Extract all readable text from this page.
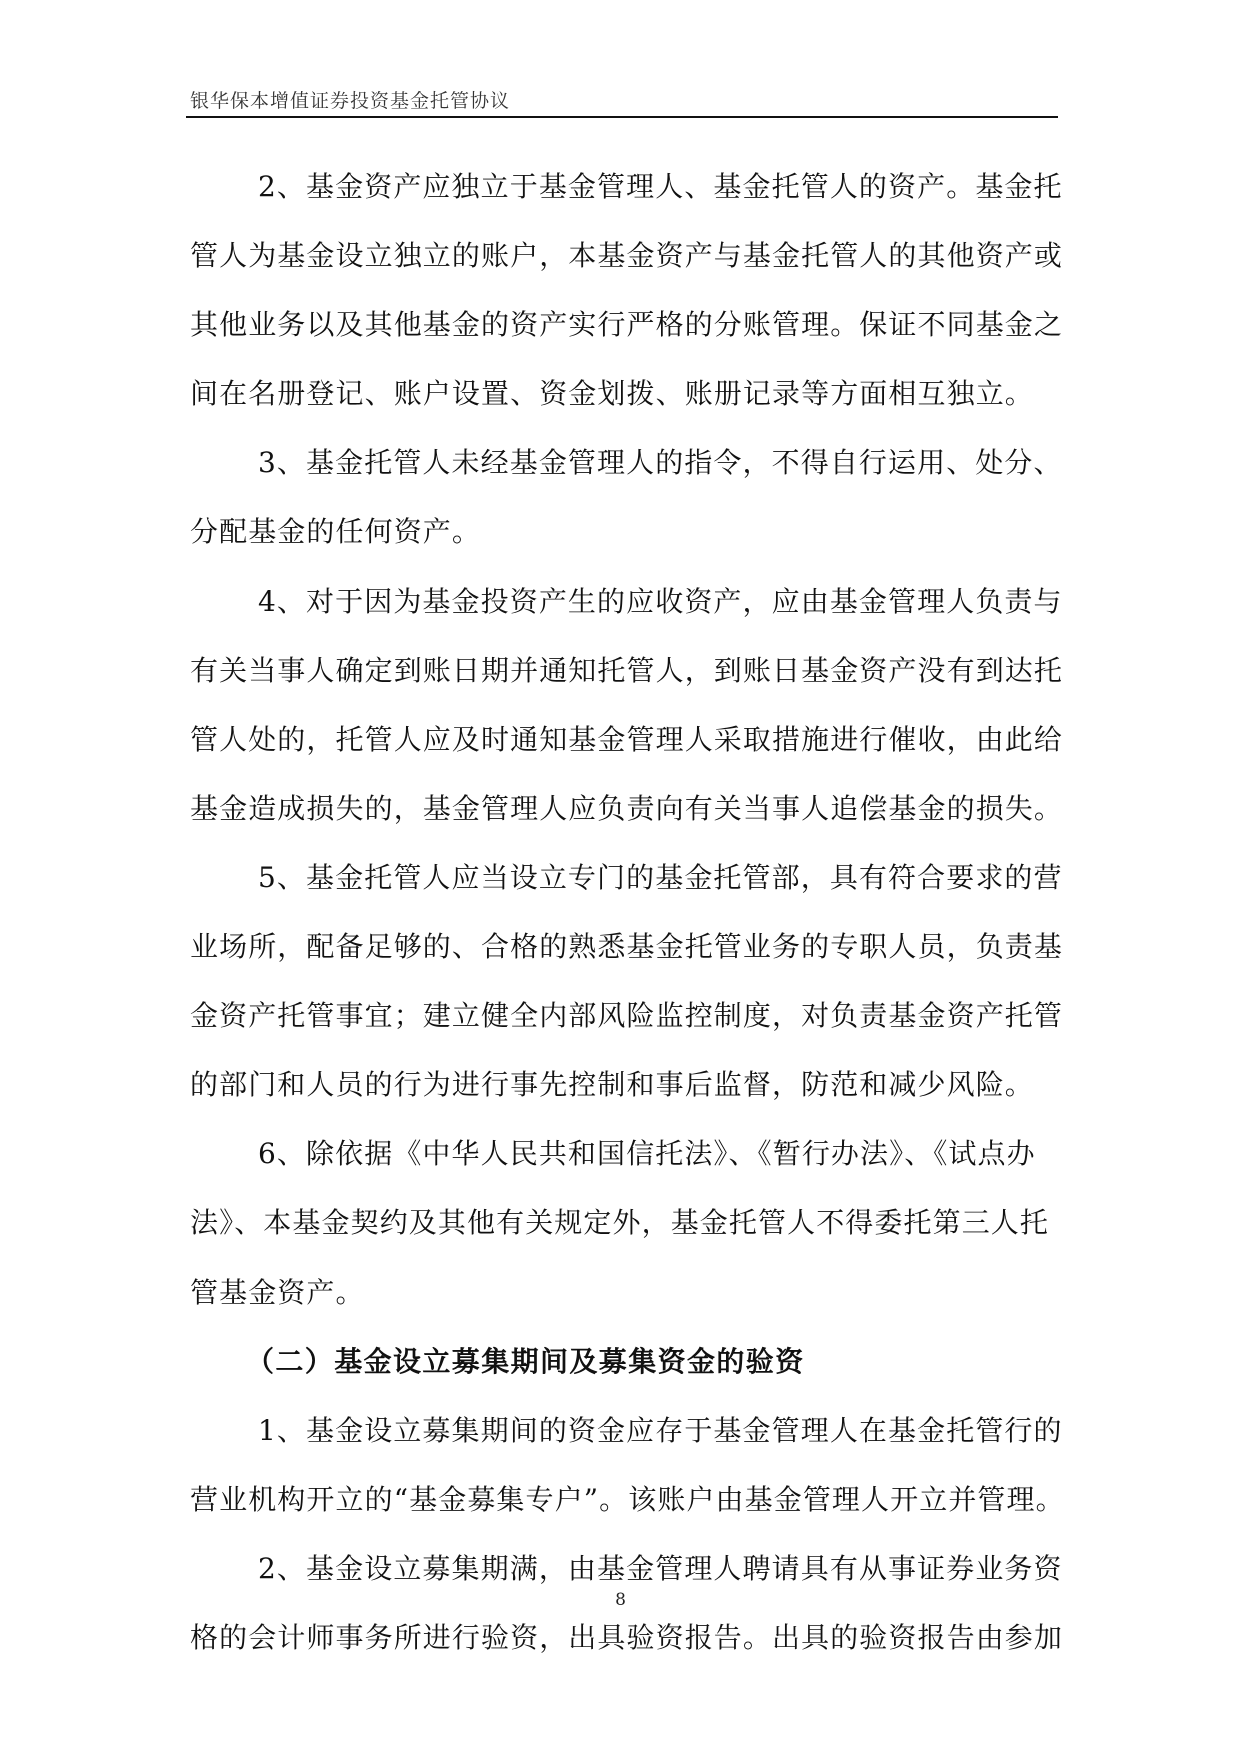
银华保本增值证券投资基金托管协议
2、基金资产应独立于基金管理人、基金托管人的资产。基金托
管人为基金设立独立的账户，本基金资产与基金托管人的其他资产或
其他业务以及其他基金的资产实行严格的分账管理。保证不同基金之
间在名册登记、账户设置、资金划拨、账册记录等方面相互独立。
3、基金托管人未经基金管理人的指令，不得自行运用、处分、
分配基金的任何资产。
4、对于因为基金投资产生的应收资产，应由基金管理人负责与
有关当事人确定到账日期并通知托管人，到账日基金资产没有到达托
管人处的，托管人应及时通知基金管理人采取措施进行催收，由此给
基金造成损失的，基金管理人应负责向有关当事人追偿基金的损失。
5、基金托管人应当设立专门的基金托管部，具有符合要求的营
业场所，配备足够的、合格的熟悉基金托管业务的专职人员，负责基
金资产托管事宜；建立健全内部风险监控制度，对负责基金资产托管
的部门和人员的行为进行事先控制和事后监督，防范和减少风险。
6、除依据《中华人民共和国信托法》、《暂行办法》、《试点办
法》、本基金契约及其他有关规定外，基金托管人不得委托第三人托
管基金资产。
（二）基金设立募集期间及募集资金的验资
1、基金设立募集期间的资金应存于基金管理人在基金托管行的
营业机构开立的“基金募集专户”。该账户由基金管理人开立并管理。
2、基金设立募集期满，由基金管理人聘请具有从事证券业务资
格的会计师事务所进行验资，出具验资报告。出具的验资报告由参加
8
